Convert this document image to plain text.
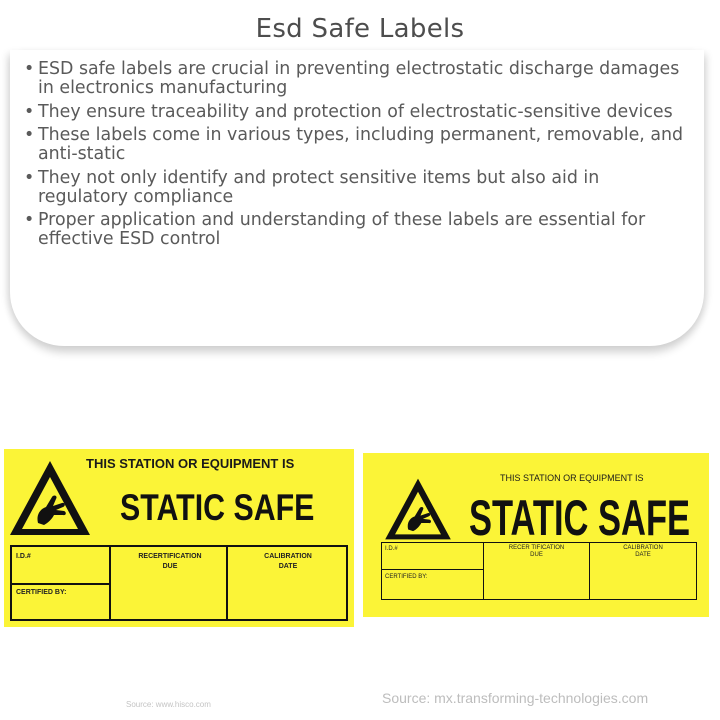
Esd Safe Labels
• ESD safe labels are crucial in preventing electrostatic discharge damages in electronics manufacturing
• They ensure traceability and protection of electrostatic-sensitive devices
• These labels come in various types, including permanent, removable, and anti-static
• They not only identify and protect sensitive items but also aid in regulatory compliance
• Proper application and understanding of these labels are essential for effective ESD control
THIS STATION OR EQUIPMENT IS
STATIC SAFE
I.D.#
CERTIFIED BY:
RECERTIFICATION
DUE
CALIBRATION
DATE
Source: www.hisco.com
THIS STATION OR EQUIPMENT IS
STATIC SAFE
I.D.#
CERTIFIED BY:
RECER TIFICATION
DUE
CALIBRATION
DATE
Source: mx.transforming-technologies.com
